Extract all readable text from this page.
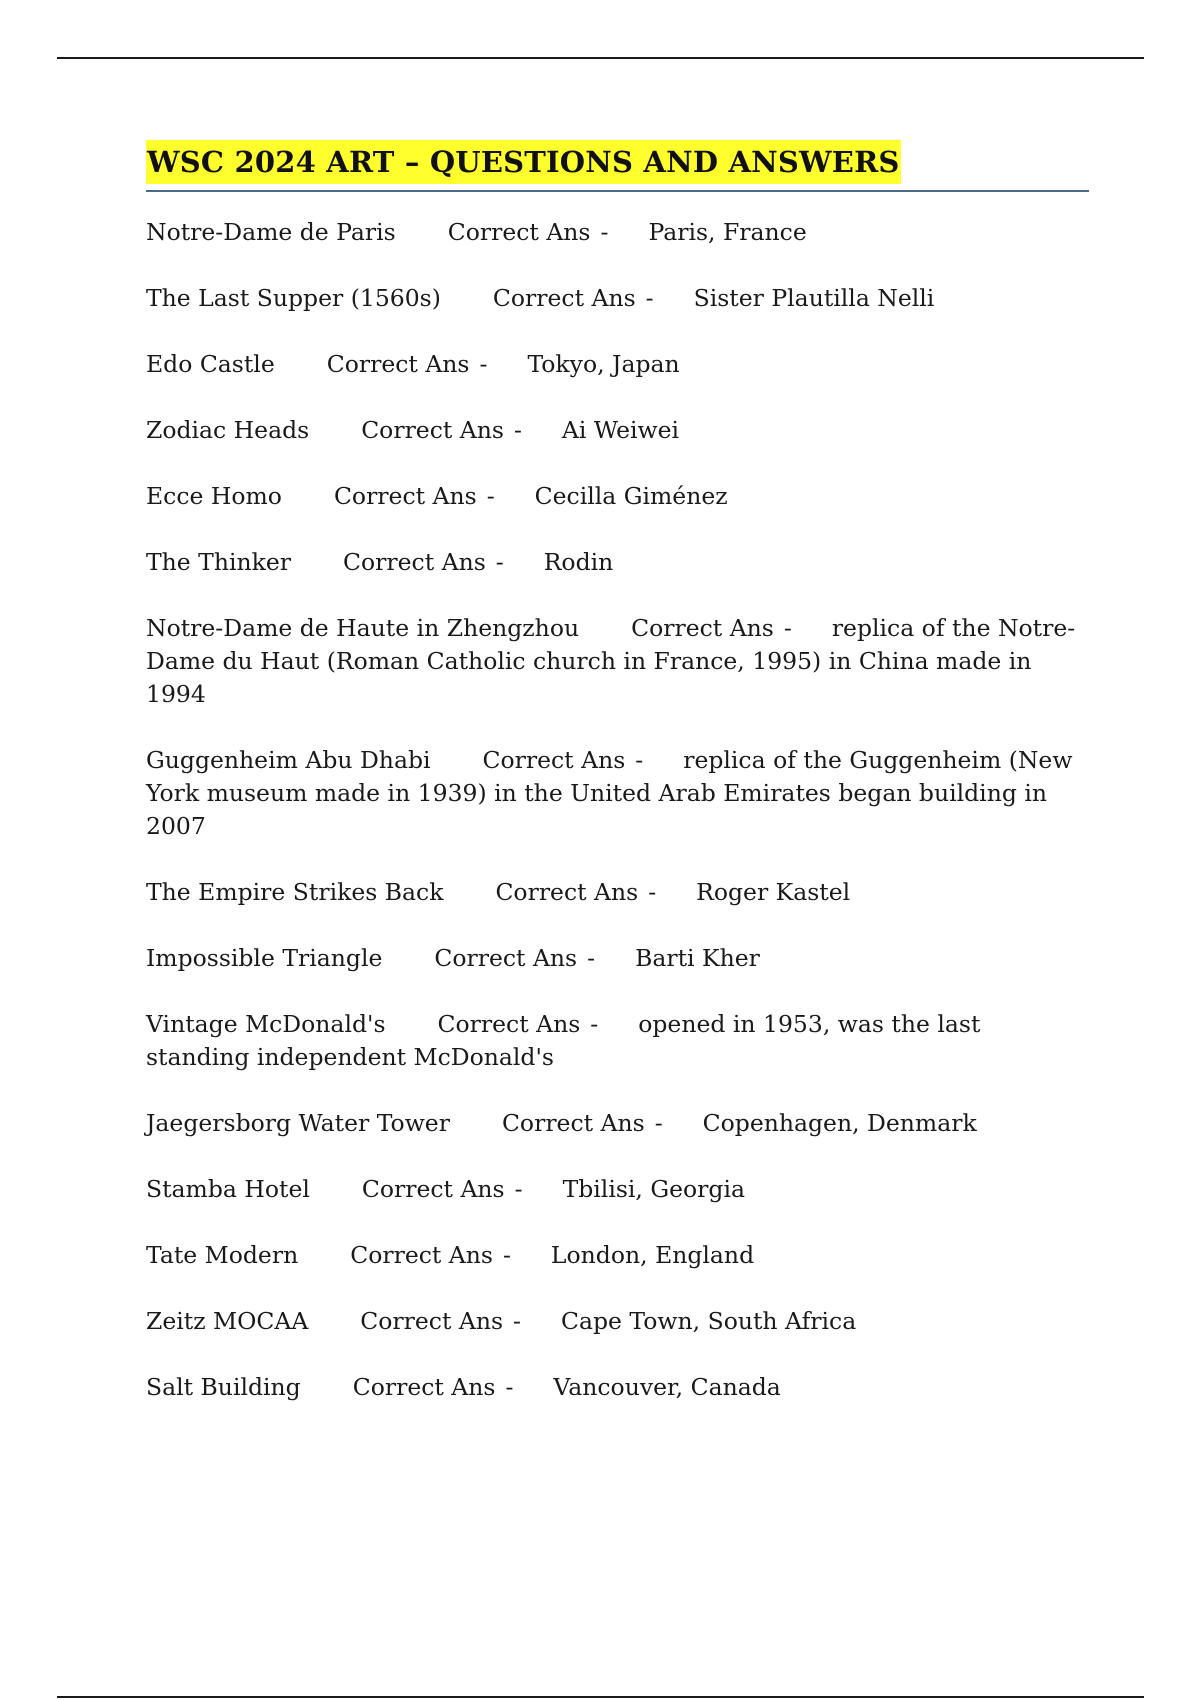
WSC 2024 ART – QUESTIONS AND ANSWERS
Notre-Dame de Paris Correct Ans - Paris, France
The Last Supper (1560s) Correct Ans - Sister Plautilla Nelli
Edo Castle Correct Ans - Tokyo, Japan
Zodiac Heads Correct Ans - Ai Weiwei
Ecce Homo Correct Ans - Cecilla Giménez
The Thinker Correct Ans - Rodin
Notre-Dame de Haute in Zhengzhou Correct Ans - replica of the Notre-Dame du Haut (Roman Catholic church in France, 1995) in China made in 1994
Guggenheim Abu Dhabi Correct Ans - replica of the Guggenheim (New York museum made in 1939) in the United Arab Emirates began building in 2007
The Empire Strikes Back Correct Ans - Roger Kastel
Impossible Triangle Correct Ans - Barti Kher
Vintage McDonald's Correct Ans - opened in 1953, was the last standing independent McDonald's
Jaegersborg Water Tower Correct Ans - Copenhagen, Denmark
Stamba Hotel Correct Ans - Tbilisi, Georgia
Tate Modern Correct Ans - London, England
Zeitz MOCAA Correct Ans - Cape Town, South Africa
Salt Building Correct Ans - Vancouver, Canada
